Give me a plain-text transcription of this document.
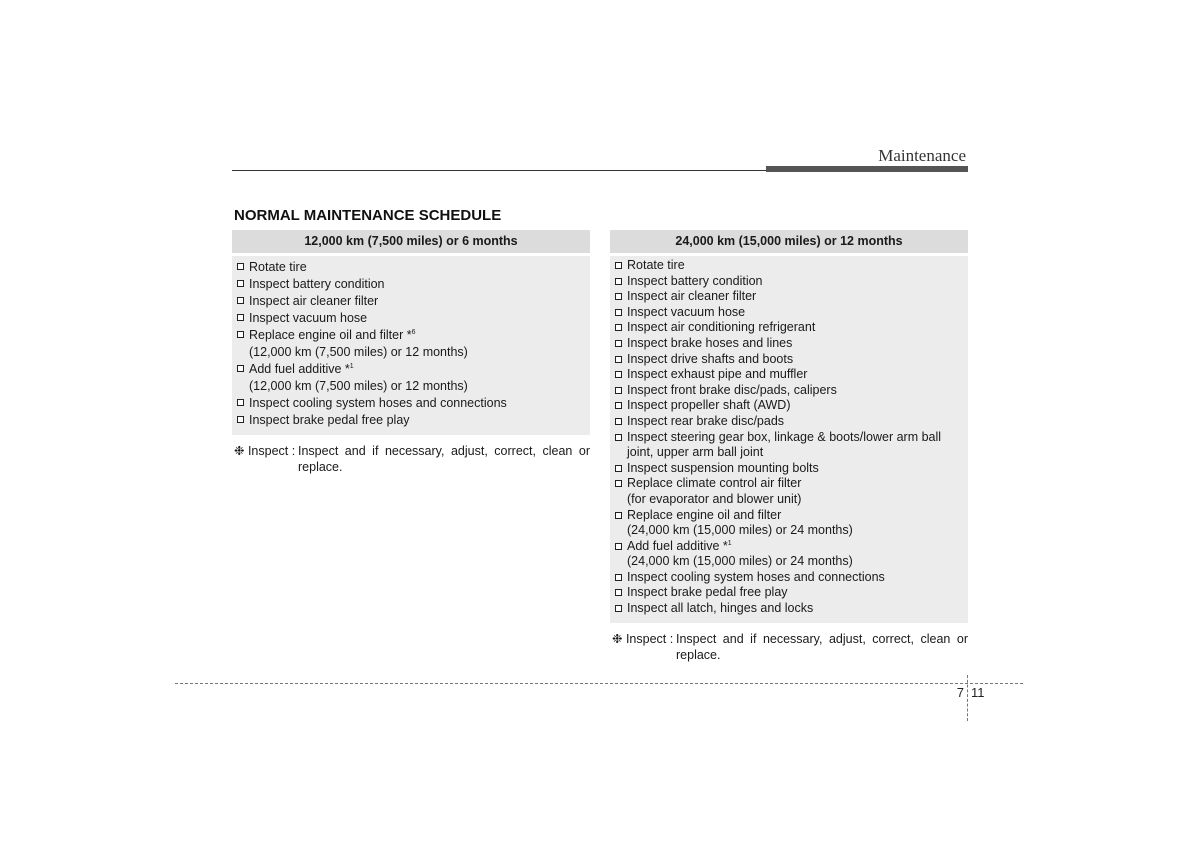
Maintenance
NORMAL MAINTENANCE SCHEDULE
12,000 km (7,500 miles) or 6 months
Rotate tire
Inspect battery condition
Inspect air cleaner filter
Inspect vacuum hose
Replace engine oil and filter *$^6$
(12,000 km (7,500 miles) or 12 months)
Add fuel additive *$^1$
(12,000 km (7,500 miles) or 12 months)
Inspect cooling system hoses and connections
Inspect brake pedal free play
❉ Inspect : Inspect and if necessary, adjust, correct, clean or replace.
24,000 km (15,000 miles) or 12 months
Rotate tire
Inspect battery condition
Inspect air cleaner filter
Inspect vacuum hose
Inspect air conditioning refrigerant
Inspect brake hoses and lines
Inspect drive shafts and boots
Inspect exhaust pipe and muffler
Inspect front brake disc/pads, calipers
Inspect propeller shaft (AWD)
Inspect rear brake disc/pads
Inspect steering gear box, linkage & boots/lower arm ball
joint, upper arm ball joint
Inspect suspension mounting bolts
Replace climate control air filter
(for evaporator and blower unit)
Replace engine oil and filter
(24,000 km (15,000 miles) or 24 months)
Add fuel additive *$^1$
(24,000 km (15,000 miles) or 24 months)
Inspect cooling system hoses and connections
Inspect brake pedal free play
Inspect all latch, hinges and locks
❉ Inspect : Inspect and if necessary, adjust, correct, clean or replace.
7 11
